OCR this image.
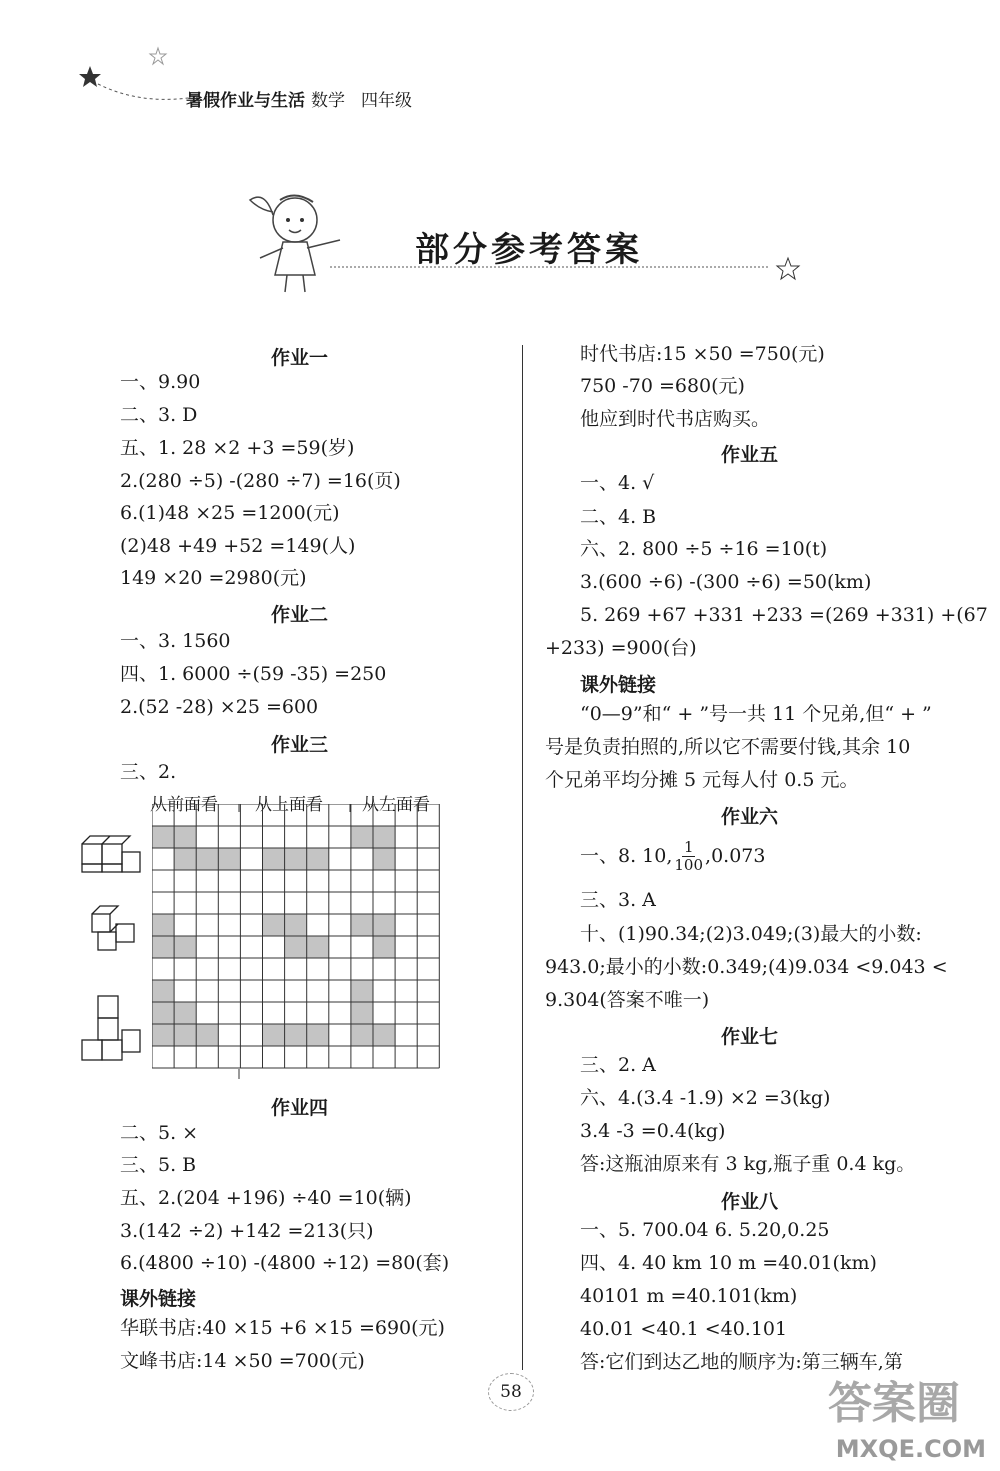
暑假作业与生活 数学 四年级
部分参考答案
作业一
一、9.90
二、3. D
五、1. 28 ×2 +3 =59(岁)
2.(280 ÷5) -(280 ÷7) =16(页)
6.(1)48 ×25 =1200(元)
(2)48 +49 +52 =149(人)
149 ×20 =2980(元)
作业二
一、3. 1560
四、1. 6000 ÷(59 -35) =250
2.(52 -28) ×25 =600
作业三
三、2.
从前面看 从上面看 从左面看
作业四
二、5. ×
三、5. B
五、2.(204 +196) ÷40 =10(辆)
3.(142 ÷2) +142 =213(只)
6.(4800 ÷10) -(4800 ÷12) =80(套)
课外链接
华联书店:40 ×15 +6 ×15 =690(元)
文峰书店:14 ×50 =700(元)
时代书店:15 ×50 =750(元)
750 -70 =680(元)
他应到时代书店购买。
作业五
一、4. √
二、4. B
六、2. 800 ÷5 ÷16 =10(t)
3.(600 ÷6) -(300 ÷6) =50(km)
5. 269 +67 +331 +233 =(269 +331) +(67
+233) =900(台)
课外链接
“0—9”和“ + ”号一共 11 个兄弟,但“ + ”
号是负责拍照的,所以它不需要付钱,其余 10
个兄弟平均分摊 5 元每人付 0.5 元。
作业六
一、8. 10, $\frac{1}{100} ,0.073$
三、3. A
十、(1)90.34;(2)3.049;(3)最大的小数:
943.0;最小的小数:0.349;(4)9.034 <9.043 <
9.304(答案不唯一)
作业七
三、2. A
六、4.(3.4 -1.9) ×2 =3(kg)
3.4 -3 =0.4(kg)
答:这瓶油原来有 3 kg,瓶子重 0.4 kg。
作业八
一、5. 700.04 6. 5.20,0.25
四、4. 40 km 10 m =40.01(km)
40101 m =40.101(km)
40.01 <40.1 <40.101
答:它们到达乙地的顺序为:第三辆车,第
58	答案圈
MXQE.COM
